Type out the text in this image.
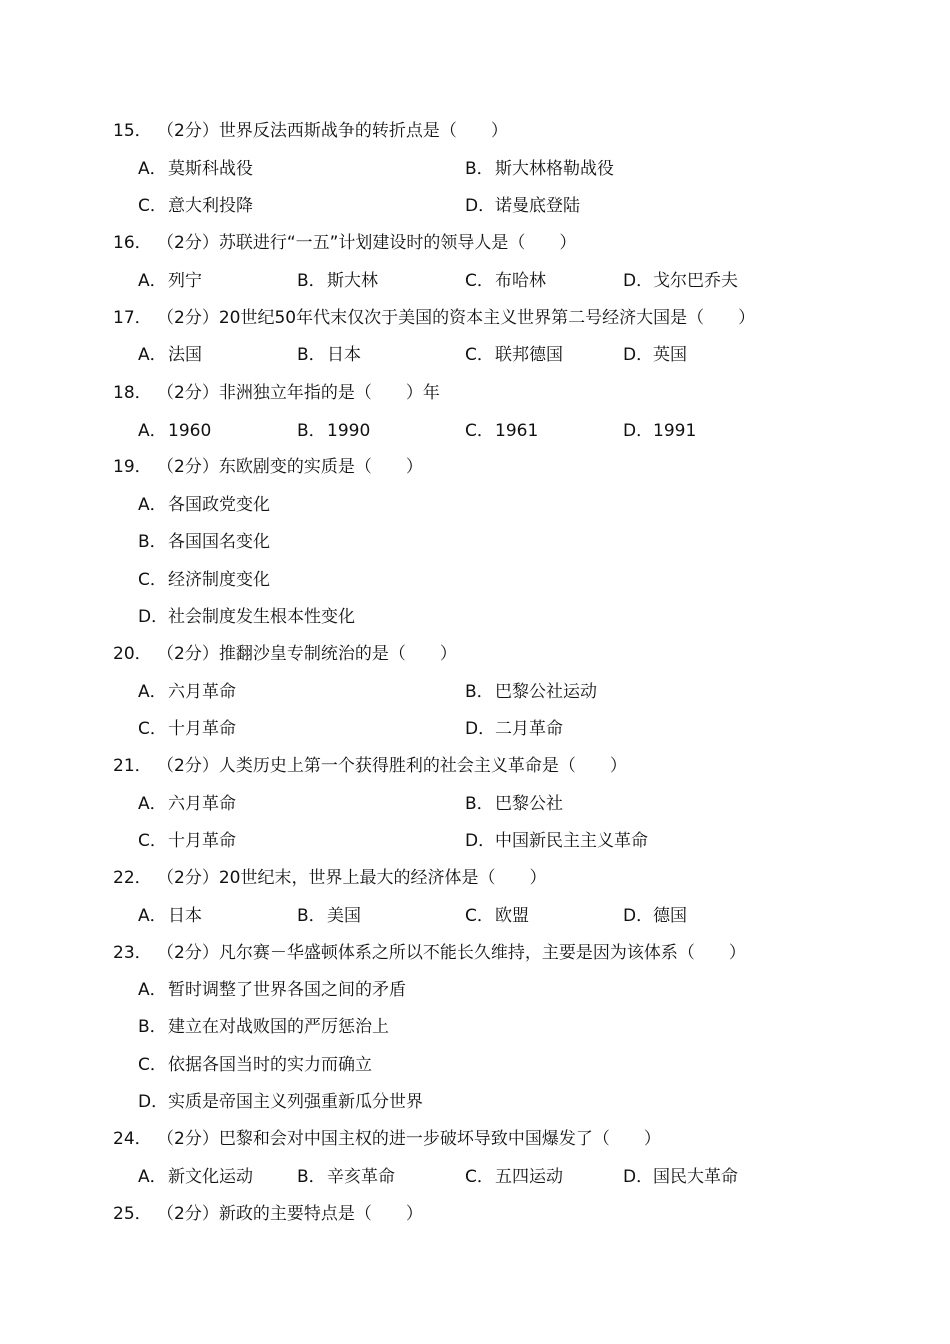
15． （2分）世界反法西斯战争的转折点是（　　）
A．莫斯科战役	B．斯大林格勒战役
C．意大利投降	D．诺曼底登陆
16． （2分）苏联进行“一五”计划建设时的领导人是（　　）
A．列宁	B．斯大林	C．布哈林	D．戈尔巴乔夫
17． （2分）20世纪50年代末仅次于美国的资本主义世界第二号经济大国是（　　）
A．法国	B．日本	C．联邦德国	D．英国
18． （2分）非洲独立年指的是（　　）年
A．1960	B．1990	C．1961	D．1991
19． （2分）东欧剧变的实质是（　　）
A．各国政党变化
B．各国国名变化
C．经济制度变化
D．社会制度发生根本性变化
20． （2分）推翻沙皇专制统治的是（　　）
A．六月革命	B．巴黎公社运动
C．十月革命	D．二月革命
21． （2分）人类历史上第一个获得胜利的社会主义革命是（　　）
A．六月革命	B．巴黎公社
C．十月革命	D．中国新民主主义革命
22． （2分）20世纪末，世界上最大的经济体是（　　）
A．日本	B．美国	C．欧盟	D．德国
23． （2分）凡尔赛－华盛顿体系之所以不能长久维持，主要是因为该体系（　　）
A．暂时调整了世界各国之间的矛盾
B．建立在对战败国的严厉惩治上
C．依据各国当时的实力而确立
D．实质是帝国主义列强重新瓜分世界
24． （2分）巴黎和会对中国主权的进一步破坏导致中国爆发了（　　）
A．新文化运动	B．辛亥革命	C．五四运动	D．国民大革命
25． （2分）新政的主要特点是（　　）
